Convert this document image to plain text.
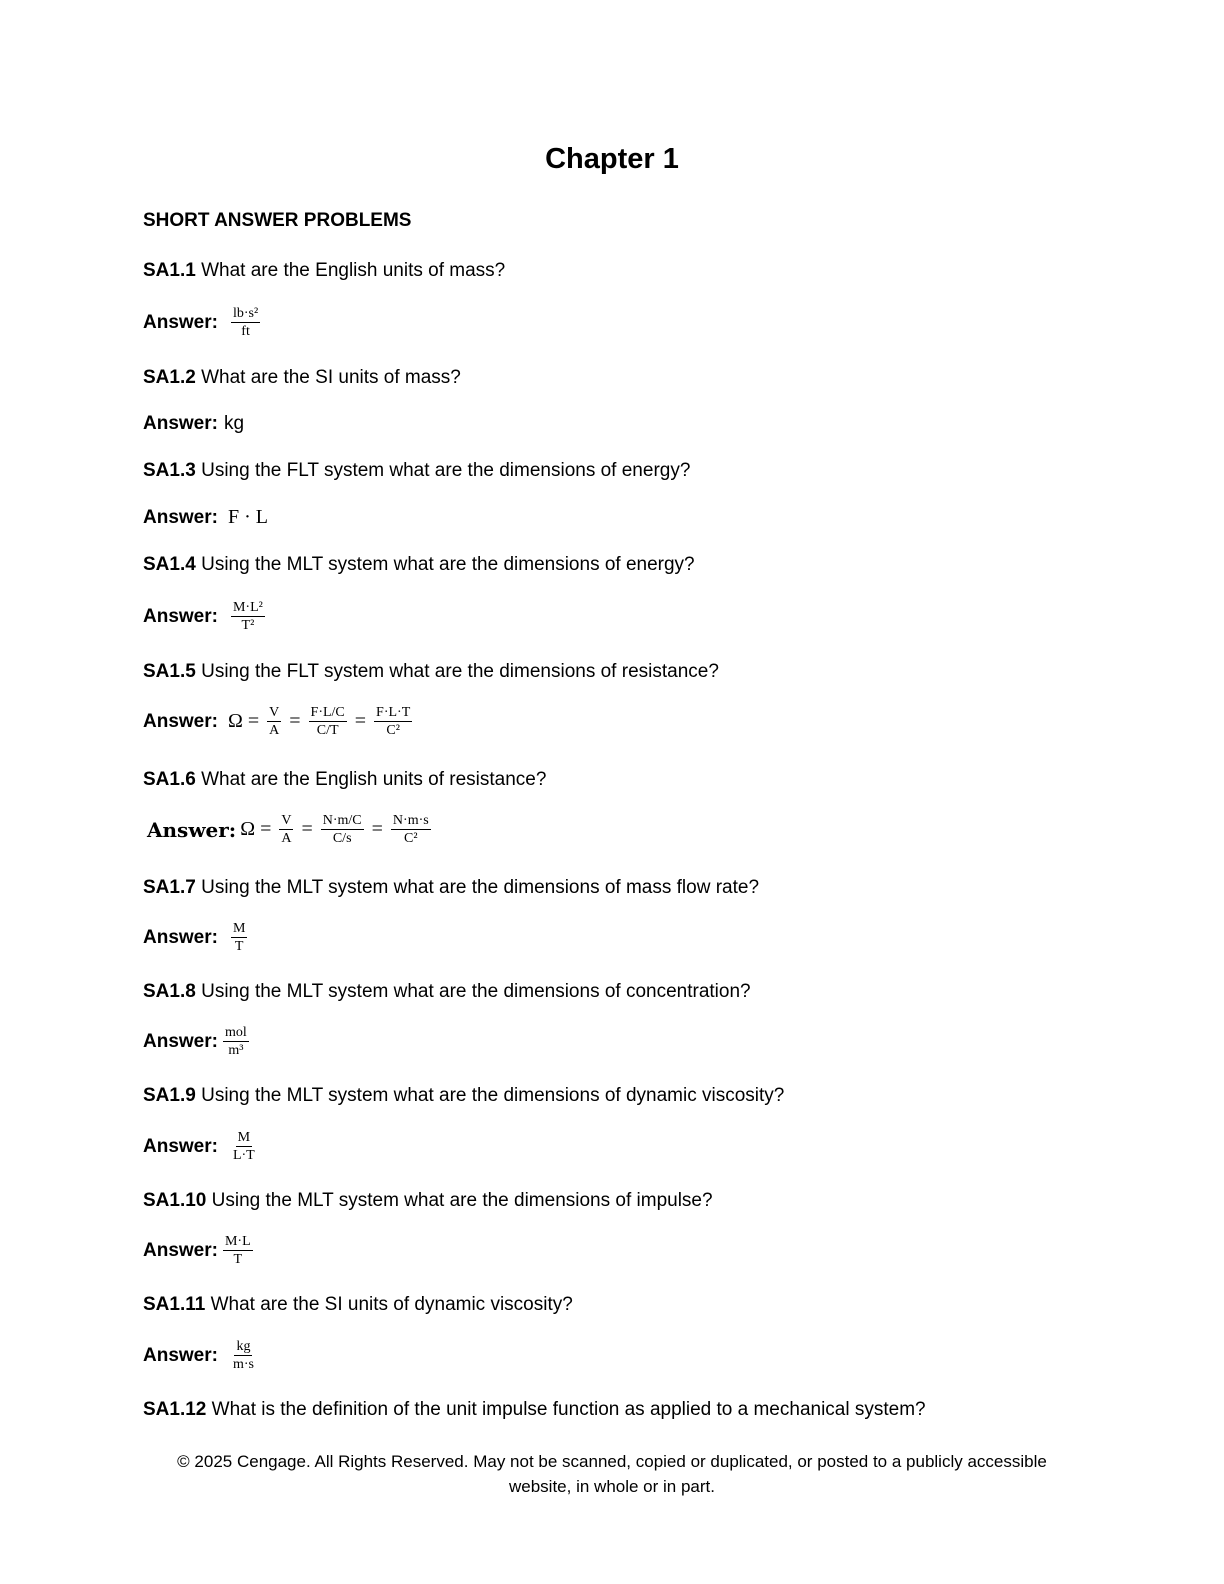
Chapter 1
SHORT ANSWER PROBLEMS
SA1.1 What are the English units of mass?
Answer: $\frac{\text{lb·s²}}{ft}$
SA1.2 What are the SI units of mass?
Answer: kg
SA1.3 Using the FLT system what are the dimensions of energy?
Answer: F · L
SA1.4 Using the MLT system what are the dimensions of energy?
Answer: $\frac{\text{M·L²}}{\text{T²}}$
SA1.5 Using the FLT system what are the dimensions of resistance?
Answer: $\Omega = \frac{V}{A} = \frac{F\cdot L/C}{C/T} = \frac{F\cdot L\cdot T}{\text{C²}}$
SA1.6 What are the English units of resistance?
Answer: $\Omega = \frac{V}{A} = \frac{N\cdot m/C}{C/s} = \frac{N\cdot m\cdot s}{\text{C²}}$
SA1.7 Using the MLT system what are the dimensions of mass flow rate?
Answer: $\frac{M}{T}$
SA1.8 Using the MLT system what are the dimensions of concentration?
Answer: $\frac{\text{mol}}{\text{m³}}$
SA1.9 Using the MLT system what are the dimensions of dynamic viscosity?
Answer: $\frac{M}{L\cdot T}$
SA1.10 Using the MLT system what are the dimensions of impulse?
Answer: $\frac{M\cdot L}{T}$
SA1.11 What are the SI units of dynamic viscosity?
Answer: $\frac{kg}{m\cdot s}$
SA1.12 What is the definition of the unit impulse function as applied to a mechanical system?
© 2025 Cengage. All Rights Reserved. May not be scanned, copied or duplicated, or posted to a publicly accessible
website, in whole or in part.
